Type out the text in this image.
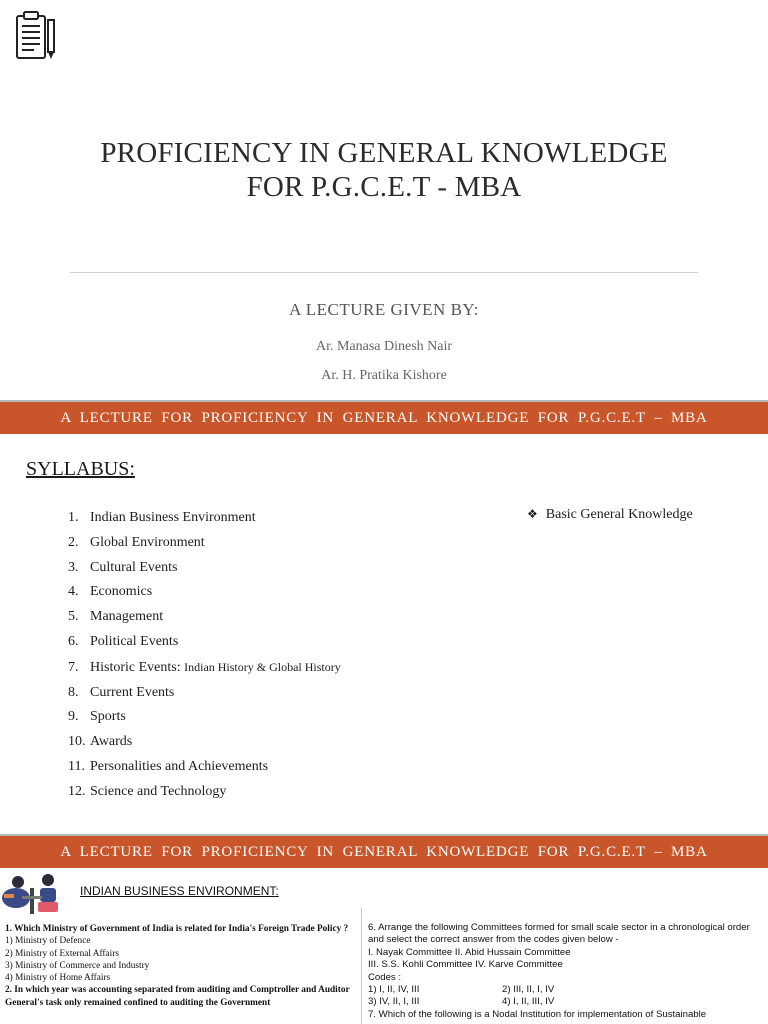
PROFICIENCY IN GENERAL KNOWLEDGE
FOR P.G.C.E.T - MBA
A LECTURE GIVEN BY:
Ar. Manasa Dinesh Nair
Ar. H. Pratika Kishore
A LECTURE FOR PROFICIENCY IN GENERAL KNOWLEDGE FOR P.G.C.E.T – MBA
SYLLABUS:
1. Indian Business Environment
2. Global Environment
3. Cultural Events
4. Economics
5. Management
6. Political Events
7. Historic Events: Indian History & Global History
8. Current Events
9. Sports
10. Awards
11. Personalities and Achievements
12. Science and Technology
❖ Basic General Knowledge
A LECTURE FOR PROFICIENCY IN GENERAL KNOWLEDGE FOR P.G.C.E.T – MBA
INDIAN BUSINESS ENVIRONMENT:
1. Which Ministry of Government of India is related for India's Foreign Trade Policy ?
1) Ministry of Defence
2) Ministry of External Affairs
3) Ministry of Commerce and Industry
4) Ministry of Home Affairs
2. In which year was accounting separated from auditing and Comptroller and Auditor General's task only remained confined to auditing the Government
6. Arrange the following Committees formed for small scale sector in a chronological order and select the correct answer from the codes given below -
I. Nayak Committee II. Abid Hussain Committee
III. S.S. Kohli Committee IV. Karve Committee
Codes :
1) I, II, IV, III	2) III, II, I, IV
3) IV, II, I, III	4) I, II, III, IV
7. Which of the following is a Nodal Institution for implementation of Sustainable
